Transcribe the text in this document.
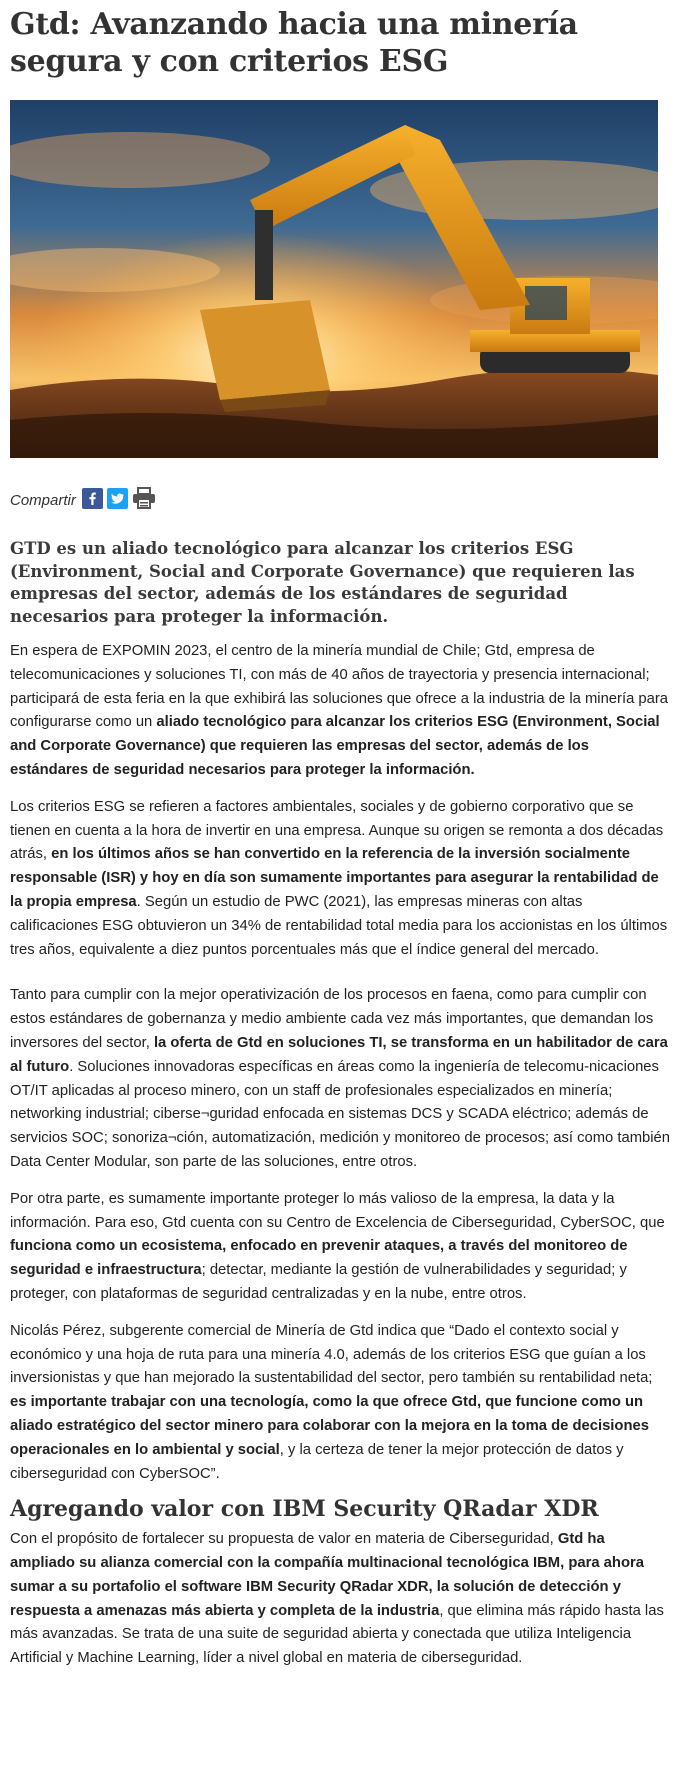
Gtd: Avanzando hacia una minería segura y con criterios ESG
Compartir
GTD es un aliado tecnológico para alcanzar los criterios ESG (Environment, Social and Corporate Governance) que requieren las empresas del sector, además de los estándares de seguridad necesarios para proteger la información.

En espera de EXPOMIN 2023, el centro de la minería mundial de Chile; Gtd, empresa de telecomunicaciones y soluciones TI, con más de 40 años de trayectoria y presencia internacional; participará de esta feria en la que exhibirá las soluciones que ofrece a la industria de la minería para configurarse como un aliado tecnológico para alcanzar los criterios ESG (Environment, Social and Corporate Governance) que requieren las empresas del sector, además de los estándares de seguridad necesarios para proteger la información.

Los criterios ESG se refieren a factores ambientales, sociales y de gobierno corporativo que se tienen en cuenta a la hora de invertir en una empresa. Aunque su origen se remonta a dos décadas atrás, en los últimos años se han convertido en la referencia de la inversión socialmente responsable (ISR) y hoy en día son sumamente importantes para asegurar la rentabilidad de la propia empresa. Según un estudio de PWC (2021), las empresas mineras con altas calificaciones ESG obtuvieron un 34% de rentabilidad total media para los accionistas en los últimos tres años, equivalente a diez puntos porcentuales más que el índice general del mercado.

Tanto para cumplir con la mejor operativización de los procesos en faena, como para cumplir con estos estándares de gobernanza y medio ambiente cada vez más importantes, que demandan los inversores del sector, la oferta de Gtd en soluciones TI, se transforma en un habilitador de cara al futuro. Soluciones innovadoras específicas en áreas como la ingeniería de telecomu-nicaciones OT/IT aplicadas al proceso minero, con un staff de profesionales especializados en minería; networking industrial; ciberse¬guridad enfocada en sistemas DCS y SCADA eléctrico; además de servicios SOC; sonoriza¬ción, automatización, medición y monitoreo de procesos; así como también Data Center Modular, son parte de las soluciones, entre otros.

Por otra parte, es sumamente importante proteger lo más valioso de la empresa, la data y la información. Para eso, Gtd cuenta con su Centro de Excelencia de Ciberseguridad, CyberSOC, que funciona como un ecosistema, enfocado en prevenir ataques, a través del monitoreo de seguridad e infraestructura; detectar, mediante la gestión de vulnerabilidades y seguridad; y proteger, con plataformas de seguridad centralizadas y en la nube, entre otros.

Nicolás Pérez, subgerente comercial de Minería de Gtd indica que “Dado el contexto social y económico y una hoja de ruta para una minería 4.0, además de los criterios ESG que guían a los inversionistas y que han mejorado la sustentabilidad del sector, pero también su rentabilidad neta; es importante trabajar con una tecnología, como la que ofrece Gtd, que funcione como un aliado estratégico del sector minero para colaborar con la mejora en la toma de decisiones operacionales en lo ambiental y social, y la certeza de tener la mejor protección de datos y ciberseguridad con CyberSOC”.

Agregando valor con IBM Security QRadar XDR

Con el propósito de fortalecer su propuesta de valor en materia de Ciberseguridad, Gtd ha ampliado su alianza comercial con la compañía multinacional tecnológica IBM, para ahora sumar a su portafolio el software IBM Security QRadar XDR, la solución de detección y respuesta a amenazas más abierta y completa de la industria, que elimina más rápido hasta las más avanzadas. Se trata de una suite de seguridad abierta y conectada que utiliza Inteligencia Artificial y Machine Learning, líder a nivel global en materia de ciberseguridad.
